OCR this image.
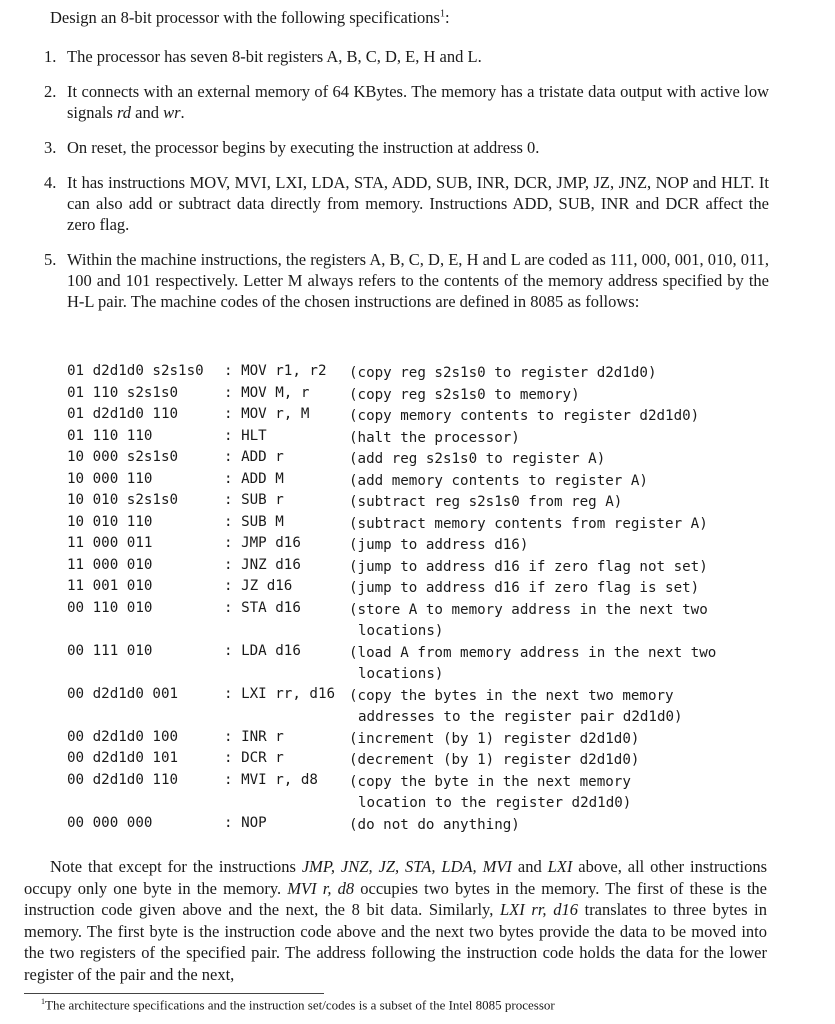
Design an 8-bit processor with the following specifications$^1$:
1. The processor has seven 8-bit registers A, B, C, D, E, H and L.
2. It connects with an external memory of 64 KBytes. The memory has a tristate data output with active low signals rd and wr.
3. On reset, the processor begins by executing the instruction at address 0.
4. It has instructions MOV, MVI, LXI, LDA, STA, ADD, SUB, INR, DCR, JMP, JZ, JNZ, NOP and HLT. It can also add or subtract data directly from memory. Instructions ADD, SUB, INR and DCR affect the zero flag.
5. Within the machine instructions, the registers A, B, C, D, E, H and L are coded as 111, 000, 001, 010, 011, 100 and 101 respectively. Letter M always refers to the contents of the memory address specified by the H-L pair. The machine codes of the chosen instructions are defined in 8085 as follows:
01 d2d1d0 s2s1s0 : MOV r1, r2 (copy reg s2s1s0 to register d2d1d0)
01 110 s2s1s0	: MOV M, r	(copy reg s2s1s0 to memory)
01 d2d1d0 110	: MOV r, M	(copy memory contents to register d2d1d0)
01 110 110	: HLT	(halt the processor)
10 000 s2s1s0	: ADD r	(add reg s2s1s0 to register A)
10 000 110	: ADD M	(add memory contents to register A)
10 010 s2s1s0	: SUB r	(subtract reg s2s1s0 from reg A)
10 010 110	: SUB M	(subtract memory contents from register A)
11 000 011	: JMP d16	(jump to address d16)
11 000 010	: JNZ d16	(jump to address d16 if zero flag not set)
11 001 010	: JZ d16	(jump to address d16 if zero flag is set)
00 110 010	: STA d16	(store A to memory address in the next two
locations)
00 111 010	: LDA d16	(load A from memory address in the next two
locations)
00 d2d1d0 001	: LXI rr, d16 (copy the bytes in the next two memory
addresses to the register pair d2d1d0)
00 d2d1d0 100	: INR r	(increment (by 1) register d2d1d0)
00 d2d1d0 101	: DCR r	(decrement (by 1) register d2d1d0)
00 d2d1d0 110	: MVI r, d8 (copy the byte in the next memory
location to the register d2d1d0)
00 000 000	: NOP	(do not do anything)
Note that except for the instructions JMP, JNZ, JZ, STA, LDA, MVI and LXI above, all other instructions occupy only one byte in the memory. MVI r, d8 occupies two bytes in the memory. The first of these is the instruction code given above and the next, the 8 bit data. Similarly, LXI rr, d16 translates to three bytes in memory. The first byte is the instruction code above and the next two bytes provide the data to be moved into the two registers of the specified pair. The address following the instruction code holds the data for the lower register of the pair and the next,
$^1$The architecture specifications and the instruction set/codes is a subset of the Intel 8085 processor
